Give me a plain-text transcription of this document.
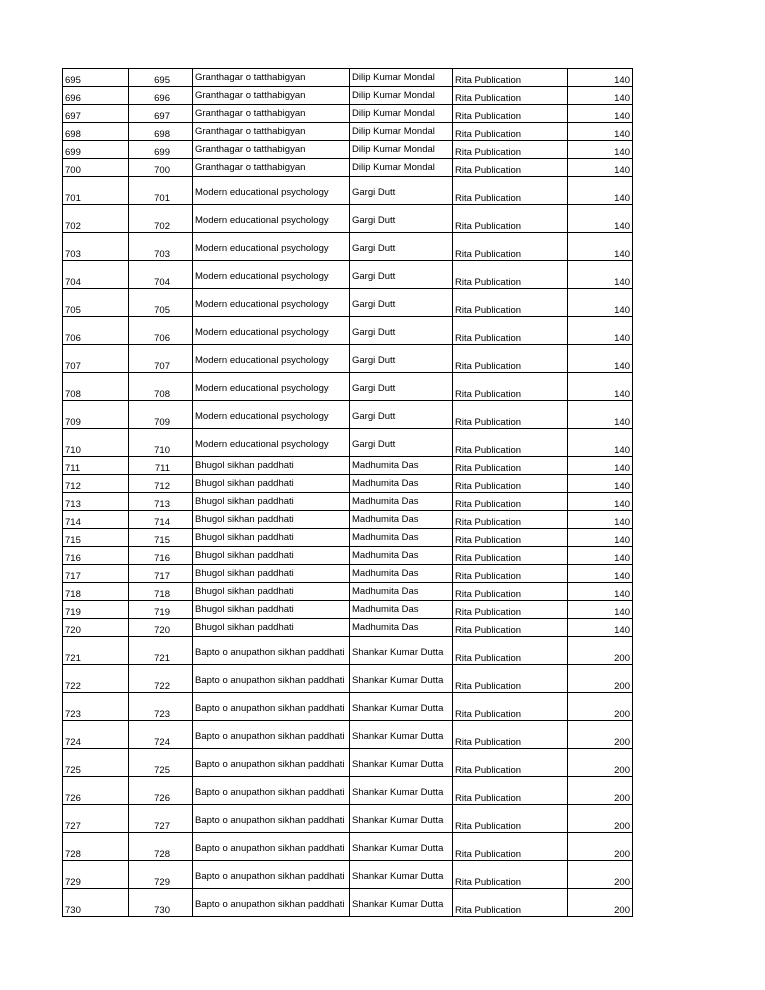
695	695	Granthagar o tatthabigyan	Dilip Kumar Mondal	Rita Publication	140
696	696	Granthagar o tatthabigyan	Dilip Kumar Mondal	Rita Publication	140
697	697	Granthagar o tatthabigyan	Dilip Kumar Mondal	Rita Publication	140
698	698	Granthagar o tatthabigyan	Dilip Kumar Mondal	Rita Publication	140
699	699	Granthagar o tatthabigyan	Dilip Kumar Mondal	Rita Publication	140
700	700	Granthagar o tatthabigyan	Dilip Kumar Mondal	Rita Publication	140
701	701	Modern educational psychology	Gargi Dutt	Rita Publication	140
702	702	Modern educational psychology	Gargi Dutt	Rita Publication	140
703	703	Modern educational psychology	Gargi Dutt	Rita Publication	140
704	704	Modern educational psychology	Gargi Dutt	Rita Publication	140
705	705	Modern educational psychology	Gargi Dutt	Rita Publication	140
706	706	Modern educational psychology	Gargi Dutt	Rita Publication	140
707	707	Modern educational psychology	Gargi Dutt	Rita Publication	140
708	708	Modern educational psychology	Gargi Dutt	Rita Publication	140
709	709	Modern educational psychology	Gargi Dutt	Rita Publication	140
710	710	Modern educational psychology	Gargi Dutt	Rita Publication	140
711	711	Bhugol sikhan paddhati	Madhumita Das	Rita Publication	140
712	712	Bhugol sikhan paddhati	Madhumita Das	Rita Publication	140
713	713	Bhugol sikhan paddhati	Madhumita Das	Rita Publication	140
714	714	Bhugol sikhan paddhati	Madhumita Das	Rita Publication	140
715	715	Bhugol sikhan paddhati	Madhumita Das	Rita Publication	140
716	716	Bhugol sikhan paddhati	Madhumita Das	Rita Publication	140
717	717	Bhugol sikhan paddhati	Madhumita Das	Rita Publication	140
718	718	Bhugol sikhan paddhati	Madhumita Das	Rita Publication	140
719	719	Bhugol sikhan paddhati	Madhumita Das	Rita Publication	140
720	720	Bhugol sikhan paddhati	Madhumita Das	Rita Publication	140
721	721	Bapto o anupathon sikhan paddhati	Shankar Kumar Dutta	Rita Publication	200
722	722	Bapto o anupathon sikhan paddhati	Shankar Kumar Dutta	Rita Publication	200
723	723	Bapto o anupathon sikhan paddhati	Shankar Kumar Dutta	Rita Publication	200
724	724	Bapto o anupathon sikhan paddhati	Shankar Kumar Dutta	Rita Publication	200
725	725	Bapto o anupathon sikhan paddhati	Shankar Kumar Dutta	Rita Publication	200
726	726	Bapto o anupathon sikhan paddhati	Shankar Kumar Dutta	Rita Publication	200
727	727	Bapto o anupathon sikhan paddhati	Shankar Kumar Dutta	Rita Publication	200
728	728	Bapto o anupathon sikhan paddhati	Shankar Kumar Dutta	Rita Publication	200
729	729	Bapto o anupathon sikhan paddhati	Shankar Kumar Dutta	Rita Publication	200
730	730	Bapto o anupathon sikhan paddhati	Shankar Kumar Dutta	Rita Publication	200
